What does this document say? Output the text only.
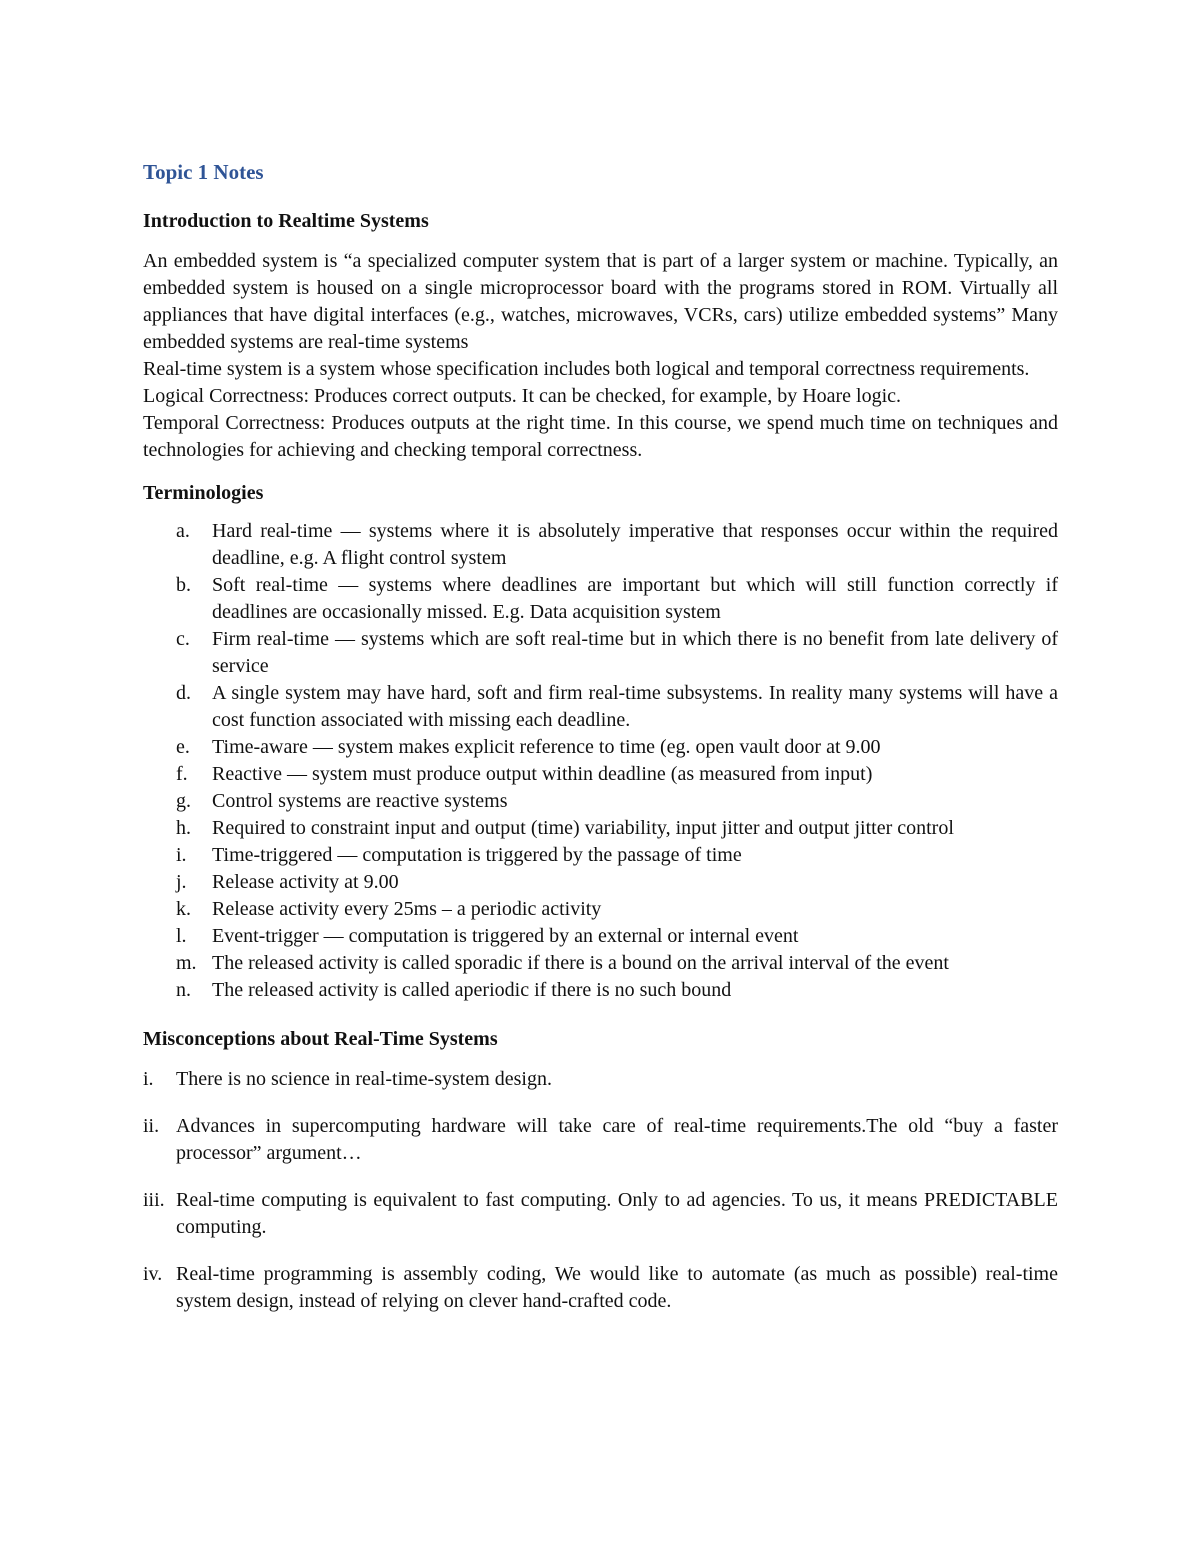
Topic 1 Notes
Introduction to Realtime Systems

An embedded system is “a specialized computer system that is part of a larger system or machine. Typically, an embedded system is housed on a single microprocessor board with the programs stored in ROM. Virtually all appliances that have digital interfaces (e.g., watches, microwaves, VCRs, cars) utilize embedded systems” Many embedded systems are real-time systems

Real-time system is a system whose specification includes both logical and temporal correctness requirements.

Logical Correctness: Produces correct outputs. It can be checked, for example, by Hoare logic.

Temporal Correctness: Produces outputs at the right time. In this course, we spend much time on techniques and technologies for achieving and checking temporal correctness.

Terminologies
a. Hard real-time — systems where it is absolutely imperative that responses occur within the required deadline, e.g. A flight control system
b. Soft real-time — systems where deadlines are important but which will still function correctly if deadlines are occasionally missed. E.g. Data acquisition system
c. Firm real-time — systems which are soft real-time but in which there is no benefit from late delivery of service
d. A single system may have hard, soft and firm real-time subsystems. In reality many systems will have a cost function associated with missing each deadline.
e. Time-aware — system makes explicit reference to time (eg. open vault door at 9.00
f. Reactive — system must produce output within deadline (as measured from input)
g. Control systems are reactive systems
h. Required to constraint input and output (time) variability, input jitter and output jitter control
i. Time-triggered — computation is triggered by the passage of time
j. Release activity at 9.00
k. Release activity every 25ms – a periodic activity
l. Event-trigger — computation is triggered by an external or internal event
m. The released activity is called sporadic if there is a bound on the arrival interval of the event
n. The released activity is called aperiodic if there is no such bound
Misconceptions about Real-Time Systems
i. There is no science in real-time-system design.
ii. Advances in supercomputing hardware will take care of real-time requirements.The old “buy a faster processor” argument…
iii. Real-time computing is equivalent to fast computing. Only to ad agencies. To us, it means PREDICTABLE computing.
iv. Real-time programming is assembly coding, We would like to automate (as much as possible) real-time system design, instead of relying on clever hand-crafted code.
